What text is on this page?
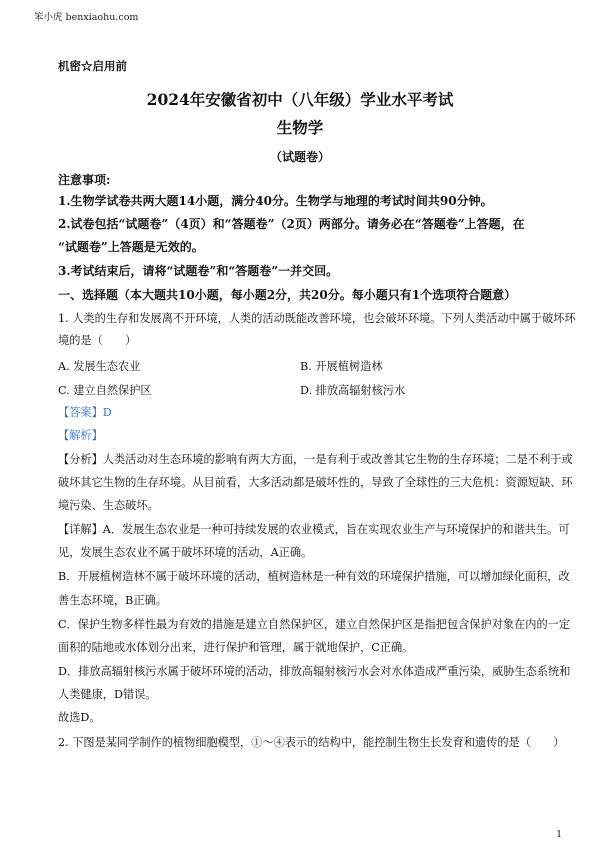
笨小虎 benxiaohu.com
机密☆启用前
2024年安徽省初中（八年级）学业水平考试
生物学
（试题卷）
注意事项:
1.生物学试卷共两大题14小题，满分40分。生物学与地理的考试时间共90分钟。
2.试卷包括“试题卷”（4页）和“答题卷”（2页）两部分。请务必在“答题卷”上答题，在
“试题卷”上答题是无效的。
3.考试结束后，请将“试题卷”和“答题卷”一并交回。
一、选择题（本大题共10小题，每小题2分，共20分。每小题只有1个选项符合题意）
1. 人类的生存和发展离不开环境，人类的活动既能改善环境，也会破坏环境。下列人类活动中属于破坏环
境的是（　　）
A. 发展生态农业	B. 开展植树造林
C. 建立自然保护区	D. 排放高辐射核污水
【答案】D
【解析】
【分析】人类活动对生态环境的影响有两大方面，一是有利于或改善其它生物的生存环境；二是不利于或
破坏其它生物的生存环境。从目前看，大多活动都是破坏性的，导致了全球性的三大危机：资源短缺、环
境污染、生态破坏。
【详解】A．发展生态农业是一种可持续发展的农业模式，旨在实现农业生产与环境保护的和谐共生。可
见，发展生态农业不属于破坏环境的活动，A正确。
B．开展植树造林不属于破坏环境的活动，植树造林是一种有效的环境保护措施，可以增加绿化面积，改
善生态环境，B正确。
C．保护生物多样性最为有效的措施是建立自然保护区，建立自然保护区是指把包含保护对象在内的一定
面积的陆地或水体划分出来，进行保护和管理，属于就地保护，C正确。
D．排放高辐射核污水属于破坏环境的活动，排放高辐射核污水会对水体造成严重污染，威胁生态系统和
人类健康，D错误。
故选D。
2. 下图是某同学制作的植物细胞模型，①～④表示的结构中，能控制生物生长发育和遗传的是（　　）
1
